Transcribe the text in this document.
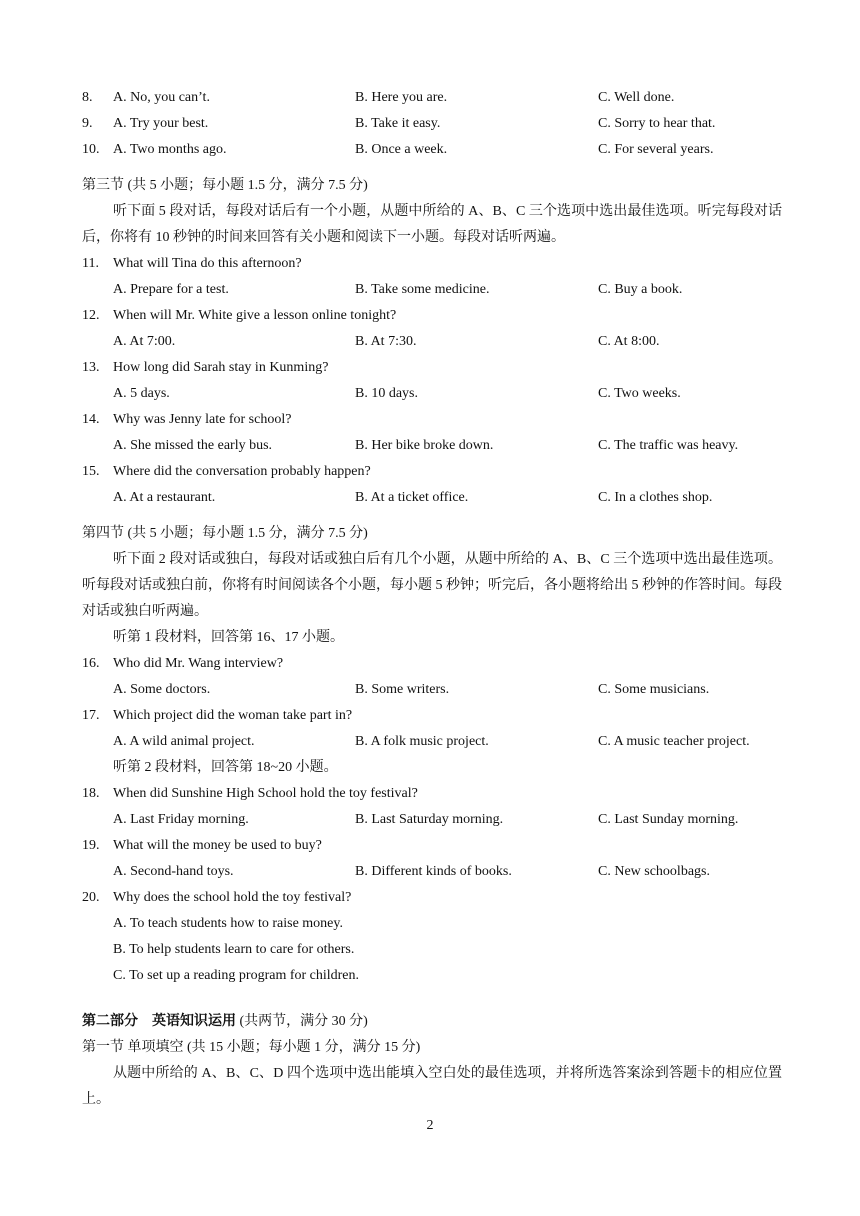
8. A. No, you can’t.	B. Here you are.	C. Well done.
9. A. Try your best.	B. Take it easy.	C. Sorry to hear that.
10. A. Two months ago.	B. Once a week.	C. For several years.
第三节 (共 5 小题；每小题 1.5 分，满分 7.5 分)
听下面 5 段对话，每段对话后有一个小题，从题中所给的 A、B、C 三个选项中选出最佳选项。听完每段对话后，你将有 10 秒钟的时间来回答有关小题和阅读下一小题。每段对话听两遍。
11. What will Tina do this afternoon?
A. Prepare for a test.	B. Take some medicine.	C. Buy a book.
12. When will Mr. White give a lesson online tonight?
A. At 7:00.	B. At 7:30.	C. At 8:00.
13. How long did Sarah stay in Kunming?
A. 5 days.	B. 10 days.	C. Two weeks.
14. Why was Jenny late for school?
A. She missed the early bus.	B. Her bike broke down.	C. The traffic was heavy.
15. Where did the conversation probably happen?
A. At a restaurant.	B. At a ticket office.	C. In a clothes shop.
第四节 (共 5 小题；每小题 1.5 分，满分 7.5 分)
听下面 2 段对话或独白，每段对话或独白后有几个小题，从题中所给的 A、B、C 三个选项中选出最佳选项。听每段对话或独白前，你将有时间阅读各个小题，每小题 5 秒钟；听完后，各小题将给出 5 秒钟的作答时间。每段对话或独白听两遍。
听第 1 段材料，回答第 16、17 小题。
16. Who did Mr. Wang interview?
A. Some doctors.	B. Some writers.	C. Some musicians.
17. Which project did the woman take part in?
A. A wild animal project.	B. A folk music project.	C. A music teacher project.
听第 2 段材料，回答第 18~20 小题。
18. When did Sunshine High School hold the toy festival?
A. Last Friday morning.	B. Last Saturday morning.	C. Last Sunday morning.
19. What will the money be used to buy?
A. Second-hand toys.	B. Different kinds of books.	C. New schoolbags.
20. Why does the school hold the toy festival?
A. To teach students how to raise money.
B. To help students learn to care for others.
C. To set up a reading program for children.
第二部分　英语知识运用 (共两节，满分 30 分)
第一节 单项填空 (共 15 小题；每小题 1 分，满分 15 分)
从题中所给的 A、B、C、D 四个选项中选出能填入空白处的最佳选项，并将所选答案涂到答题卡的相应位置上。
2
